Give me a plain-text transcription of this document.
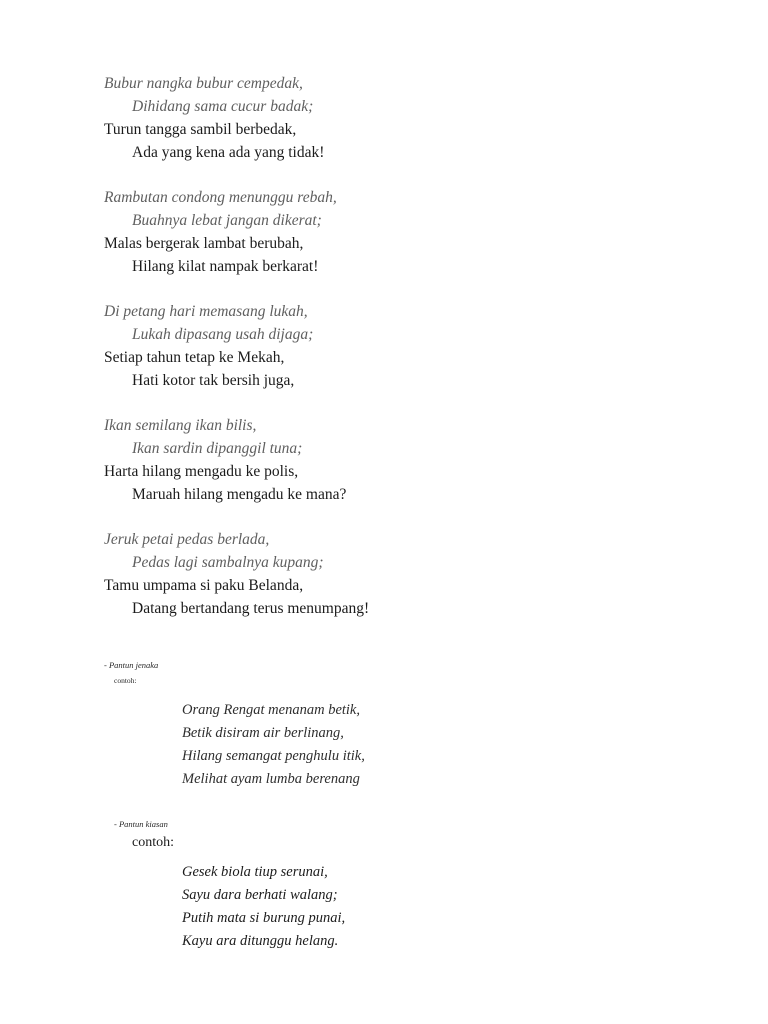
Bubur nangka bubur cempedak,
Dihidang sama cucur badak;
Turun tangga sambil berbedak,
Ada yang kena ada yang tidak!
Rambutan condong menunggu rebah,
Buahnya lebat jangan dikerat;
Malas bergerak lambat berubah,
Hilang kilat nampak berkarat!
Di petang hari memasang lukah,
Lukah dipasang usah dijaga;
Setiap tahun tetap ke Mekah,
Hati kotor tak bersih juga,
Ikan semilang ikan bilis,
Ikan sardin dipanggil tuna;
Harta hilang mengadu ke polis,
Maruah hilang mengadu ke mana?
Jeruk petai pedas berlada,
Pedas lagi sambalnya kupang;
Tamu umpama si paku Belanda,
Datang bertandang terus menumpang!
- Pantun jenaka
contoh:
Orang Rengat menanam betik,
Betik disiram air berlinang,
Hilang semangat penghulu itik,
Melihat ayam lumba berenang
- Pantun kiasan
contoh:
Gesek biola tiup serunai,
Sayu dara berhati walang;
Putih mata si burung punai,
Kayu ara ditunggu helang.
